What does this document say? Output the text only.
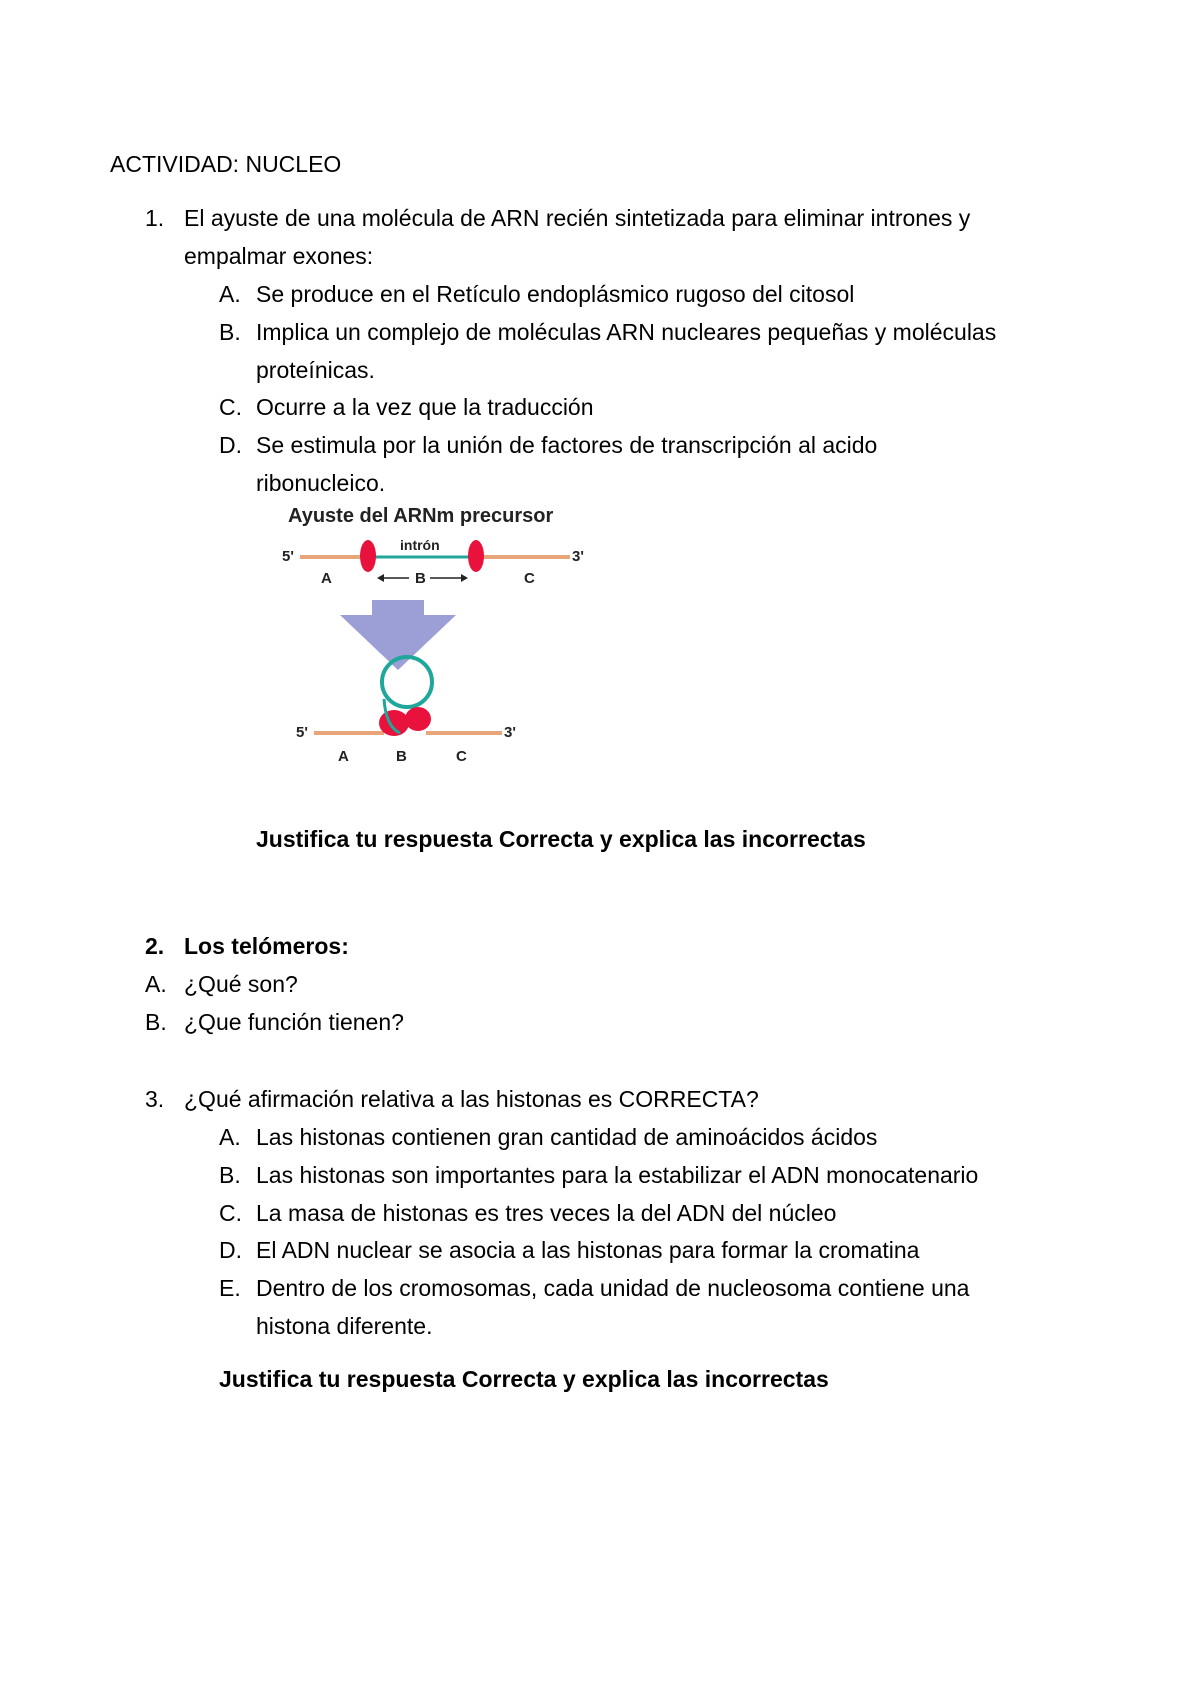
ACTIVIDAD: NUCLEO
1. El ayuste de una molécula de ARN recién sintetizada para eliminar intrones y
empalmar exones:
A. Se produce en el Retículo endoplásmico rugoso del citosol
B. Implica un complejo de moléculas ARN nucleares pequeñas y moléculas
proteínicas.
C. Ocurre a la vez que la traducción
D. Se estimula por la unión de factores de transcripción al acido
ribonucleico.
Ayuste del ARNm precursor
5'	3'
intrón
A	B	C
5'	3'
A	B	C
Justifica tu respuesta Correcta y explica las incorrectas
2. Los telómeros:
A. ¿Qué son?
B. ¿Que función tienen?
3. ¿Qué afirmación relativa a las histonas es CORRECTA?
A. Las histonas contienen gran cantidad de aminoácidos ácidos
B. Las histonas son importantes para la estabilizar el ADN monocatenario
C. La masa de histonas es tres veces la del ADN del núcleo
D. El ADN nuclear se asocia a las histonas para formar la cromatina
E. Dentro de los cromosomas, cada unidad de nucleosoma contiene una
histona diferente.
Justifica tu respuesta Correcta y explica las incorrectas
